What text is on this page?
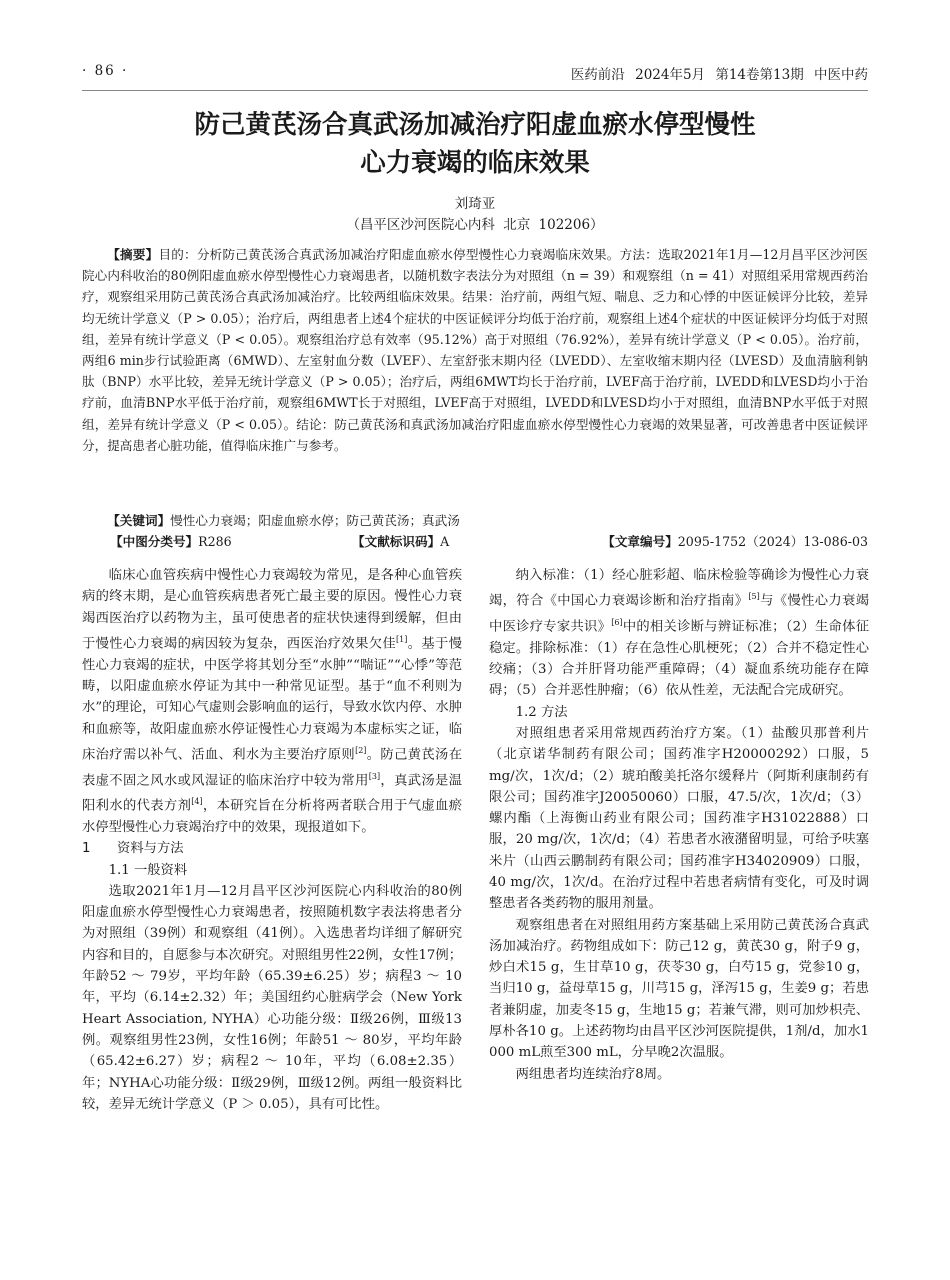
· 86 ·	医药前沿 2024年5月 第14卷第13期 中医中药
防己黄芪汤合真武汤加减治疗阳虚血瘀水停型慢性
心力衰竭的临床效果
刘琦亚
（昌平区沙河医院心内科 北京 102206）
【摘要】目的：分析防己黄芪汤合真武汤加减治疗阳虚血瘀水停型慢性心力衰竭临床效果。方法：选取2021年1月—12月昌平区沙河医院心内科收治的80例阳虚血瘀水停型慢性心力衰竭患者，以随机数字表法分为对照组（n = 39）和观察组（n = 41）对照组采用常规西药治疗，观察组采用防己黄芪汤合真武汤加减治疗。比较两组临床效果。结果：治疗前，两组气短、喘息、乏力和心悸的中医证候评分比较，差异均无统计学意义（P > 0.05）；治疗后，两组患者上述4个症状的中医证候评分均低于治疗前，观察组上述4个症状的中医证候评分均低于对照组，差异有统计学意义（P < 0.05）。观察组治疗总有效率（95.12%）高于对照组（76.92%），差异有统计学意义（P < 0.05）。治疗前，两组6 min步行试验距离（6MWD）、左室射血分数（LVEF）、左室舒张末期内径（LVEDD）、左室收缩末期内径（LVESD）及血清脑利钠肽（BNP）水平比较，差异无统计学意义（P > 0.05）；治疗后，两组6MWT均长于治疗前，LVEF高于治疗前，LVEDD和LVESD均小于治疗前，血清BNP水平低于治疗前，观察组6MWT长于对照组，LVEF高于对照组，LVEDD和LVESD均小于对照组，血清BNP水平低于对照组，差异有统计学意义（P < 0.05）。结论：防己黄芪汤和真武汤加减治疗阳虚血瘀水停型慢性心力衰竭的效果显著，可改善患者中医证候评分，提高患者心脏功能，值得临床推广与参考。
【关键词】慢性心力衰竭；阳虚血瘀水停；防己黄芪汤；真武汤
【中图分类号】R286	【文献标识码】A	【文章编号】2095-1752（2024）13-086-03

临床心血管疾病中慢性心力衰竭较为常见，是各种心血管疾病的终末期，是心血管疾病患者死亡最主要的原因。慢性心力衰竭西医治疗以药物为主，虽可使患者的症状快速得到缓解，但由于慢性心力衰竭的病因较为复杂，西医治疗效果欠佳[1]。基于慢性心力衰竭的症状，中医学将其划分至“水肿”“喘证”“心悸”等范畴，以阳虚血瘀水停证为其中一种常见证型。基于“血不利则为水”的理论，可知心气虚则会影响血的运行，导致水饮内停、水肿和血瘀等，故阳虚血瘀水停证慢性心力衰竭为本虚标实之证，临床治疗需以补气、活血、利水为主要治疗原则[2]。防己黄芪汤在表虚不固之风水或风湿证的临床治疗中较为常用[3]，真武汤是温阳利水的代表方剂[4]，本研究旨在分析将两者联合用于气虚血瘀水停型慢性心力衰竭治疗中的效果，现报道如下。

1　　资料与方法
1.1 一般资料

选取2021年1月—12月昌平区沙河医院心内科收治的80例阳虚血瘀水停型慢性心力衰竭患者，按照随机数字表法将患者分为对照组（39例）和观察组（41例）。入选患者均详细了解研究内容和目的，自愿参与本次研究。对照组男性22例，女性17例；年龄52 ～ 79岁，平均年龄（65.39±6.25）岁；病程3 ～ 10年，平均（6.14±2.32）年；美国纽约心脏病学会（New York Heart Association, NYHA）心功能分级：Ⅱ级26例，Ⅲ级13例。观察组男性23例，女性16例；年龄51 ～ 80岁，平均年龄（65.42±6.27）岁；病程2 ～ 10年，平均（6.08±2.35）年；NYHA心功能分级：Ⅱ级29例，Ⅲ级12例。两组一般资料比较，差异无统计学意义（P ＞ 0.05），具有可比性。

纳入标准：（1）经心脏彩超、临床检验等确诊为慢性心力衰竭，符合《中国心力衰竭诊断和治疗指南》[5]与《慢性心力衰竭中医诊疗专家共识》[6]中的相关诊断与辨证标准；（2）生命体征稳定。排除标准：（1）存在急性心肌梗死；（2）合并不稳定性心绞痛；（3）合并肝肾功能严重障碍；（4）凝血系统功能存在障碍；（5）合并恶性肿瘤；（6）依从性差，无法配合完成研究。

1.2 方法

对照组患者采用常规西药治疗方案。（1）盐酸贝那普利片（北京诺华制药有限公司；国药准字H20000292）口服，5 mg/次，1次/d；（2）琥珀酸美托洛尔缓释片（阿斯利康制药有限公司；国药准字J20050060）口服，47.5/次，1次/d；（3）螺内酯（上海衡山药业有限公司；国药准字H31022888）口服，20 mg/次，1次/d；（4）若患者水液潴留明显，可给予呋塞米片（山西云鹏制药有限公司；国药准字H34020909）口服，40 mg/次，1次/d。在治疗过程中若患者病情有变化，可及时调整患者各类药物的服用剂量。

观察组患者在对照组用药方案基础上采用防己黄芪汤合真武汤加减治疗。药物组成如下：防己12 g，黄芪30 g，附子9 g，炒白术15 g，生甘草10 g，茯苓30 g，白芍15 g，党参10 g，当归10 g，益母草15 g，川芎15 g，泽泻15 g，生姜9 g；若患者兼阴虚，加麦冬15 g，生地15 g；若兼气滞，则可加炒枳壳、厚朴各10 g。上述药物均由昌平区沙河医院提供，1剂/d，加水1 000 mL煎至300 mL，分早晚2次温服。

两组患者均连续治疗8周。
